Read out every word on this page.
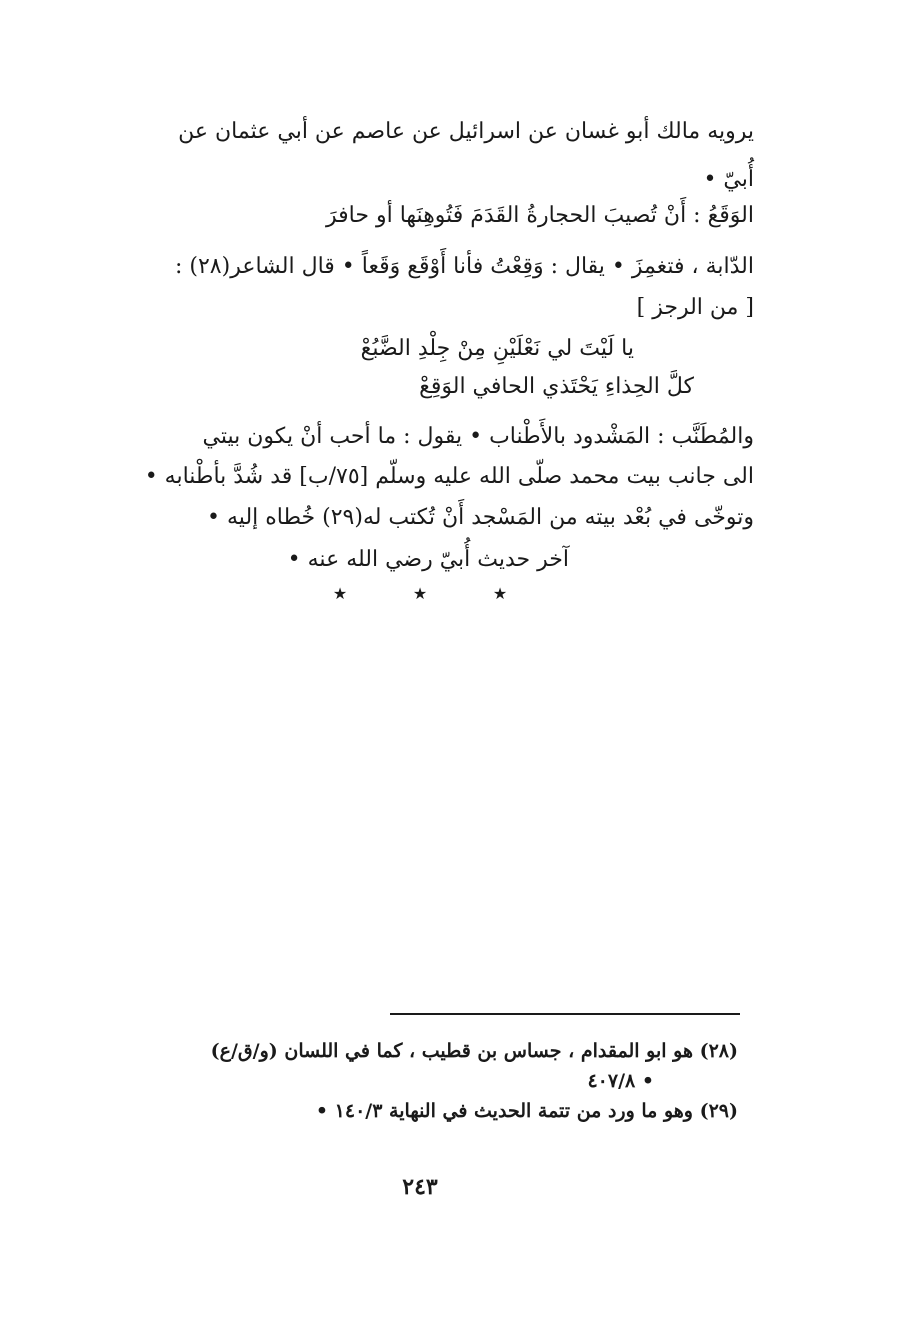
يرويه مالك أبو غسان عن اسرائيل عن عاصم عن أبي عثمان عن
أُبيّ •
الوَقَعُ : أَنْ تُصيبَ الحجارةُ القَدَمَ فَتُوهِنَها أو حافرَ
الدّابة ، فتغمِزَ • يقال : وَقِعْتُ فأنا أَوْقَع وَقَعاً • قال الشاعر(٢٨) :
[ من الرجز ]
يا لَيْتَ لي نَعْلَيْنِ مِنْ جِلْدِ الضَّبُعْ
كلَّ الحِذاءِ يَحْتَذي الحافي الوَقِعْ
والمُطَنَّب : المَشْدود بالأَطْناب • يقول : ما أحب أنْ يكون بيتي
الى جانب بيت محمد صلّى الله عليه وسلّم [٧٥/ب] قد شُدَّ بأطْنابه •
وتوخّى في بُعْد بيته من المَسْجد أَنْ تُكتب له(٢٩) خُطاه إليه •
آخر حديث أُبيّ رضي الله عنه •
★	★	★
(٢٨) هو ابو المقدام ، جساس بن قطيب ، كما في اللسان (و/ق/ع)
٤٠٧/٨ •
(٢٩) وهو ما ورد من تتمة الحديث في النهاية ١٤٠/٣ •
٢٤٣
